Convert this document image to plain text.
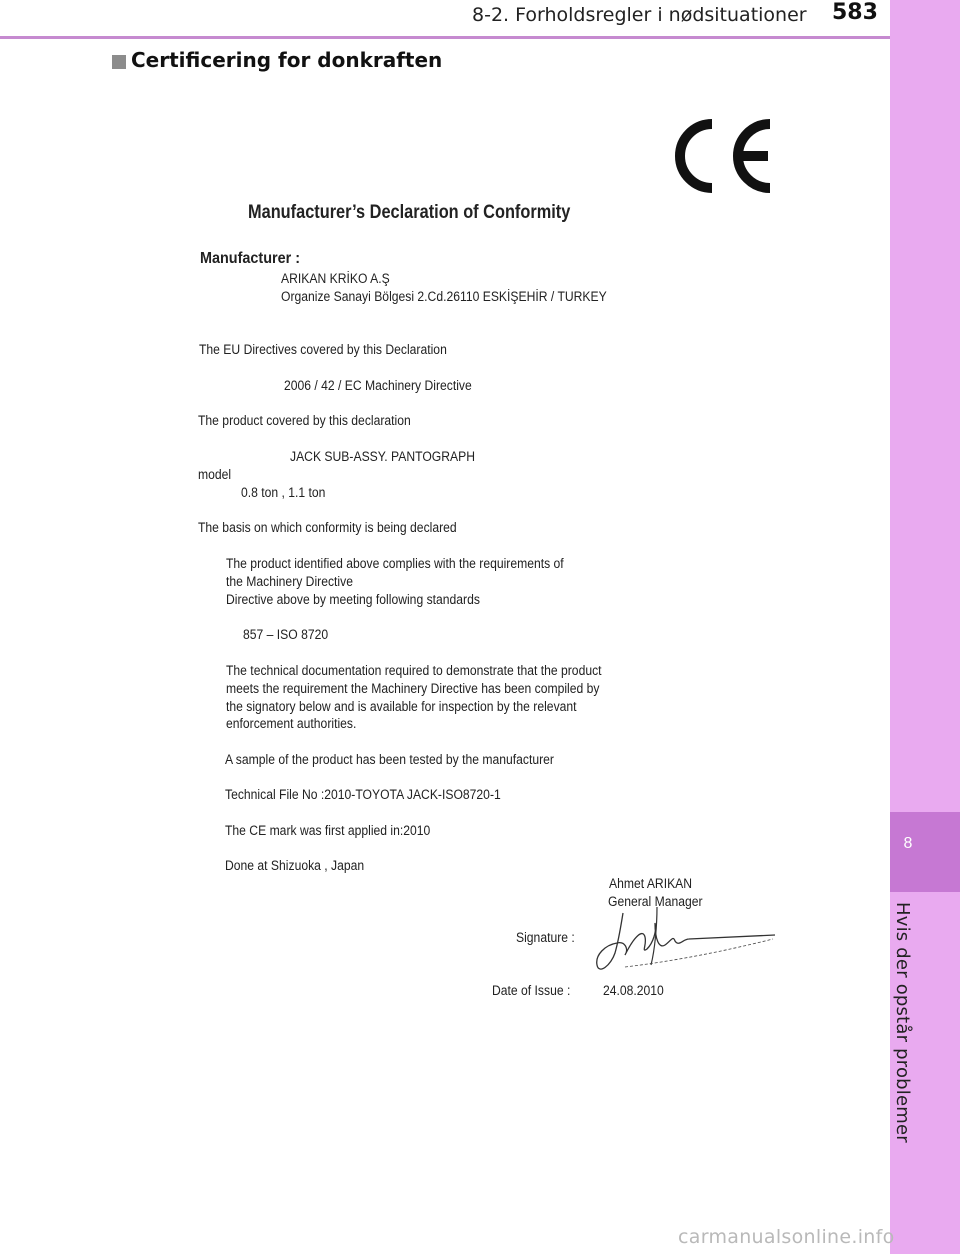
8-2. Forholdsregler i nødsituationer 583
8
Hvis der opstår problemer
Certificering for donkraften
Manufacturer’s Declaration of Conformity
Manufacturer :
ARIKAN KRİKO A.Ş
Organize Sanayi Bölgesi 2.Cd.26110 ESKİŞEHİR / TURKEY
The EU Directives covered by this Declaration
2006 / 42 / EC Machinery Directive
The product covered by this declaration
JACK SUB-ASSY. PANTOGRAPH
model
0.8 ton , 1.1 ton
The basis on which conformity is being declared
The product identified above complies with the requirements of
the Machinery Directive
Directive above by meeting following standards
857 – ISO 8720
The technical documentation required to demonstrate that the product
meets the requirement the Machinery Directive has been compiled by
the signatory below and is available for inspection by the relevant
enforcement authorities.
A sample of the product has been tested by the manufacturer
Technical File No :2010-TOYOTA JACK-ISO8720-1
The CE mark was first applied in:2010
Done at Shizuoka , Japan
Ahmet ARIKAN
General Manager
Signature :
Date of Issue : 24.08.2010
carmanualsonline.info
